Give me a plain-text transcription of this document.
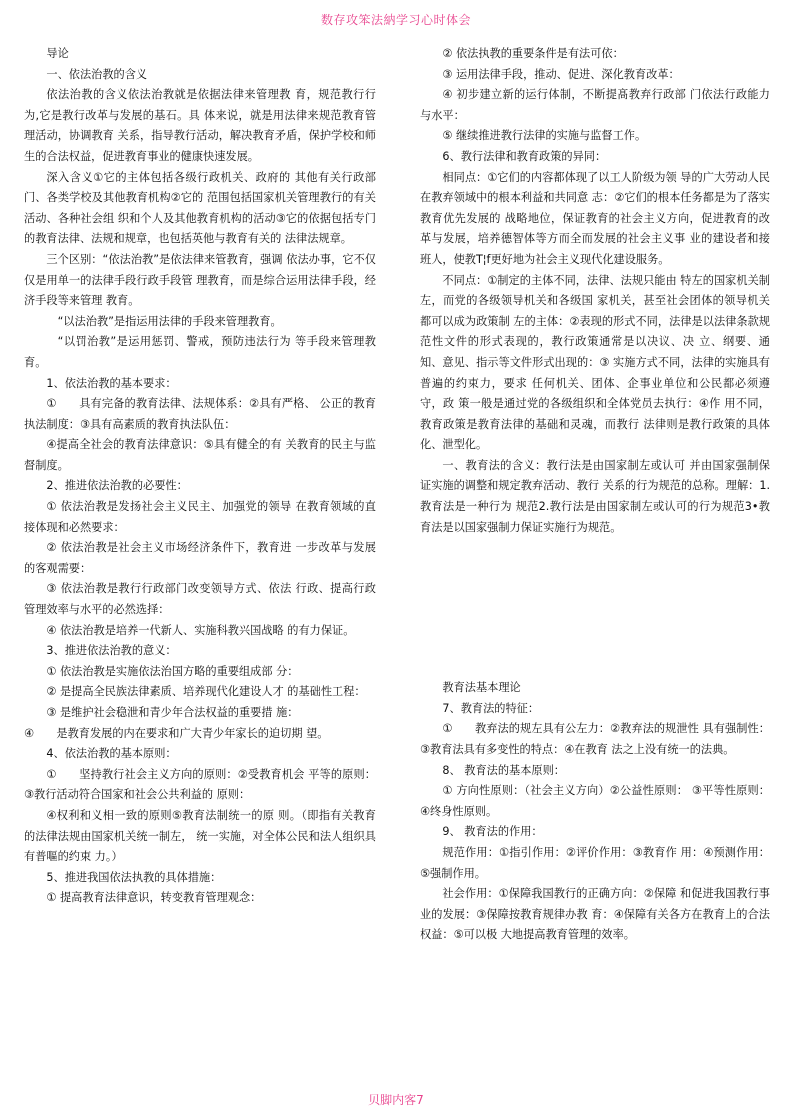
数存攻笨法納学习心时体会

导论

一、依法治教的含义

依法治教的含义依法治教就是依据法律来管理教 育，规范教行行为,它是教行改革与发展的基石。具 体来说，就是用法律来规范教育管理活动，协调教育 关系，指导教行活动，解决教育矛盾，保护学校和师 生的合法权益，促进教育事业的健康快速发展。

深入含义①它的主体包括各级行政机关、政府的 其他有关行政部门、各类学校及其他教育机构②它的 范围包括国家机关管理教行的有关活动、各种社会组 织和个人及其他教育机构的活动③它的依据包括专门 的教育法律、法规和规章，也包括英他与教育有关的 法律法规章。

三个区别：“依法治教”是依法律来管教育，强调 依法办事，它不仅仅是用单一的法律手段行政手段管 理教育，而是综合运用法律手段，经济手段等来管理 教育。

“以法治教”是指运用法律的手段来管理教育。

“以罚治教”是运用惩罚、警戒，预防违法行为 等手段来管理教育。

1、依法治教的基本要求：

①　　具有完备的教育法律、法规体系：②具有严格、 公正的教育执法制度：③具有高素质的教育执法队伍：

④提高全社会的教育法律意识：⑤具有健全的有 关教育的民主与监督制度。

2、推进依法治教的必要性：

① 依法治教是发扬社会主义民主、加强党的领导 在教育领域的直接体现和必然要求：

② 依法治教是社会主义市场经济条件下，教育进 一步改革与发展的客观需要：

③ 依法治教是教行行政部门改变领导方式、依法 行政、提高行政管理效率与水平的必然选择：

④ 依法治教是培养一代新人、实施科教兴国战略 的有力保证。

3、推进依法治教的意义：

① 依法治教是实施依法治国方略的重要组成部 分：

② 是提高全民族法律素质、培养现代化建设人才 的基础性工程：

③ 是维护社会稳泄和青少年合法权益的重要措 施：

④　　是教育发展的内在要求和广大青少年家长的迫切期 望。

4、依法治教的基本原则：

①　　坚持教行社会主义方向的原则：②受教育机会 平等的原则：③教行活动符合国家和社会公共利益的 原则：

④权利和义相一致的原则⑤教育法制统一的原 则。（即指有关教育的法律法规由国家机关统一制左， 统一实施，对全体公民和法人组织具有普嘔的约束 力。）

5、推进我国依法执教的具体措施：

① 提高教育法律意识，转变教育管理观念：

② 依法执教的重要条件是有法可依：

③ 运用法律手段，推动、促进、深化教育改革：

④ 初步建立新的运行体制，不断提髙教弃行政部 门依法行政能力与水平：

⑤ 继续推进教行法律的实施与监督工作。

6、教行法律和教育政策的异同：

相同点：①它们的内容都体现了以工人阶级为领 导的广大劳动人民在教弃领域中的根本利益和共同意 志：②它们的根本任务都是为了落实教育优先发展的 战略地位，保证教育的社会主义方向，促进教育的改 革与发展，培养德智体等方而全而发展的社会主义事 业的建设者和接班人，使教T¦f更好地为社会主义现代化建设服务。

不同点：①制定的主体不同，法律、法规只能由 特左的国家机关制左，而党的各级领导机关和各级国 家机关，甚至社会团体的领导机关都可以成为政策制 左的主体：②表现的形式不同，法律是以法律条款规 范性文件的形式表现的，教行政策通常是以决议、决 立、纲要、通知、意见、指示等文件形式出现的：③ 实施方式不同，法律的实施具有普遍的约束力，要求 任何机关、团体、企事业单位和公民都必须遵守，政 策一般是通过党的各级组织和全体党员去执行：④作 用不同，教育政策是教育法律的基础和灵魂，而教行 法律则是教行政策的具体化、泄型化。

一、教育法的含义：教行法是由国家制左或认可 并由国家强制保证实施的调整和规定教弃活动、教行 关系的行为规范的总称。理解：1.教育法是一种行为 规范2.教行法是由国家制左或认可的行为规范3•教 育法是以国家强制力保证实施行为规范。

教育法基本理论

7、教育法的特征：

①　　教弃法的规左具有公左力：②教弃法的规泄性 具有强制性：③教育法具有多变性的特点：④在教育 法之上没有统一的法典。

8、 教育法的基本原则：

① 方向性原则：（社会主义方向）②公益性原则： ③平等性原则：④终身性原则。

9、 教育法的作用：

规范作用：①指引作用：②评价作用：③教育作 用：④预测作用：⑤强制作用。

社会作用：①保障我国教行的正确方向：②保障 和促进我国教行事业的发展：③保障按教育规律办教 育：④保障有关各方在教育上的合法权益：⑤可以极 大地提高教育管理的效率。

贝脚内客7
